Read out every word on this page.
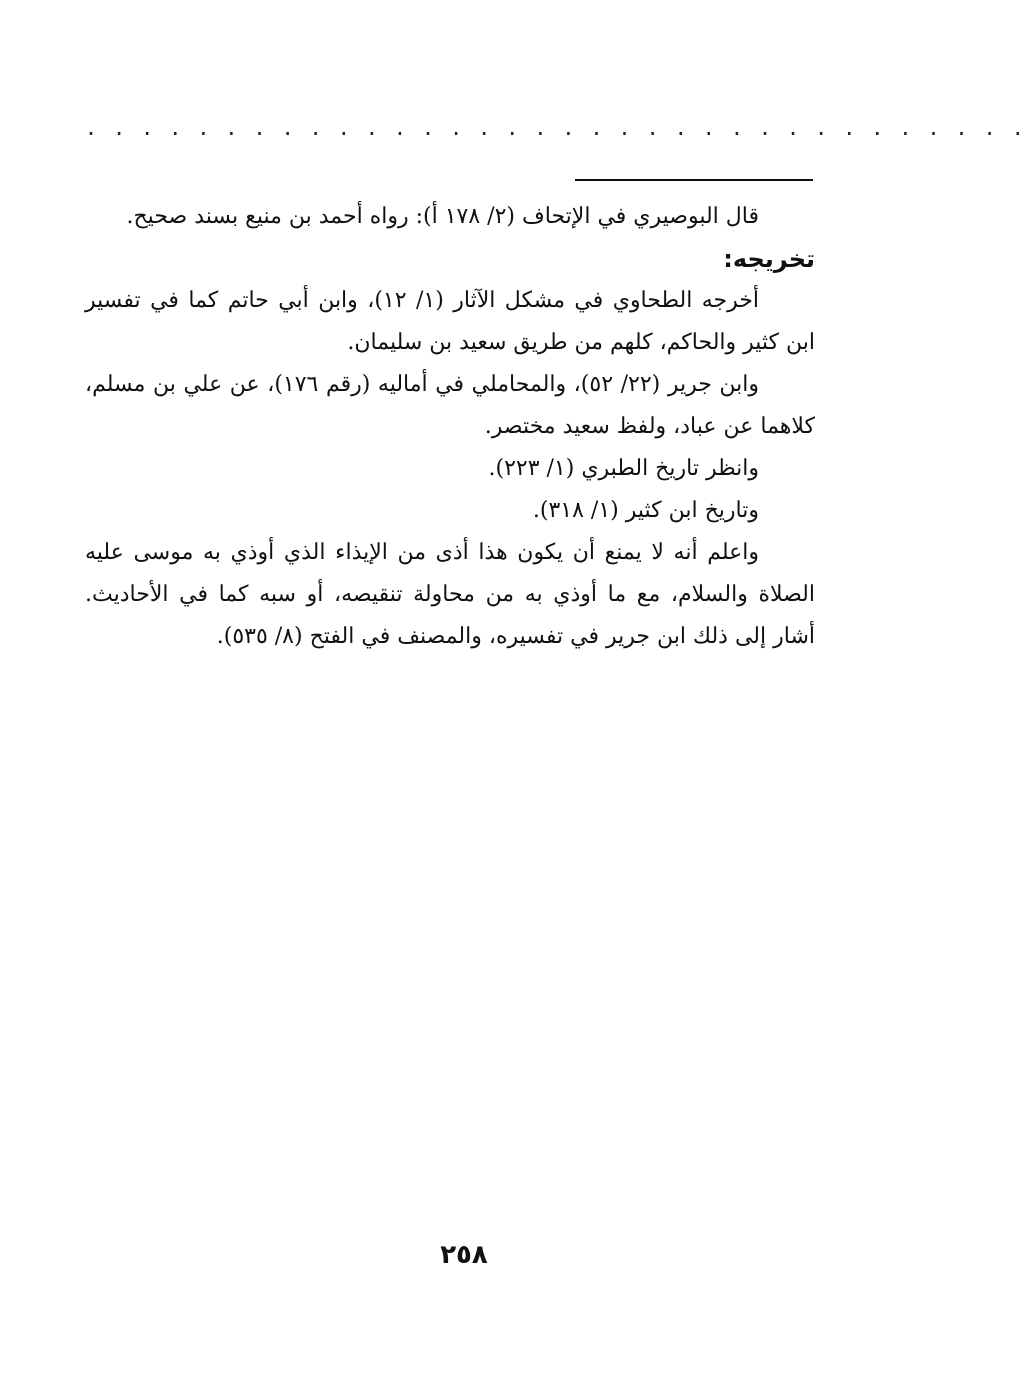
. . . . . . . . . . . . . . . . . . . . . . . . . . . . . . . . . .

قال البوصيري في الإتحاف (٢/ ١٧٨ أ): رواه أحمد بن منيع بسند صحيح.

تخريجه:

أخرجه الطحاوي في مشكل الآثار (١/ ١٢)، وابن أبي حاتم كما في تفسير ابن كثير والحاكم، كلهم من طريق سعيد بن سليمان.

وابن جرير (٢٢/ ٥٢)، والمحاملي في أماليه (رقم ١٧٦)، عن علي بن مسلم، كلاهما عن عباد، ولفظ سعيد مختصر.

وانظر تاريخ الطبري (١/ ٢٢٣).

وتاريخ ابن كثير (١/ ٣١٨).

واعلم أنه لا يمنع أن يكون هذا أذى من الإيذاء الذي أوذي به موسى عليه الصلاة والسلام، مع ما أوذي به من محاولة تنقيصه، أو سبه كما في الأحاديث. أشار إلى ذلك ابن جرير في تفسيره، والمصنف في الفتح (٨/ ٥٣٥).

٢٥٨
